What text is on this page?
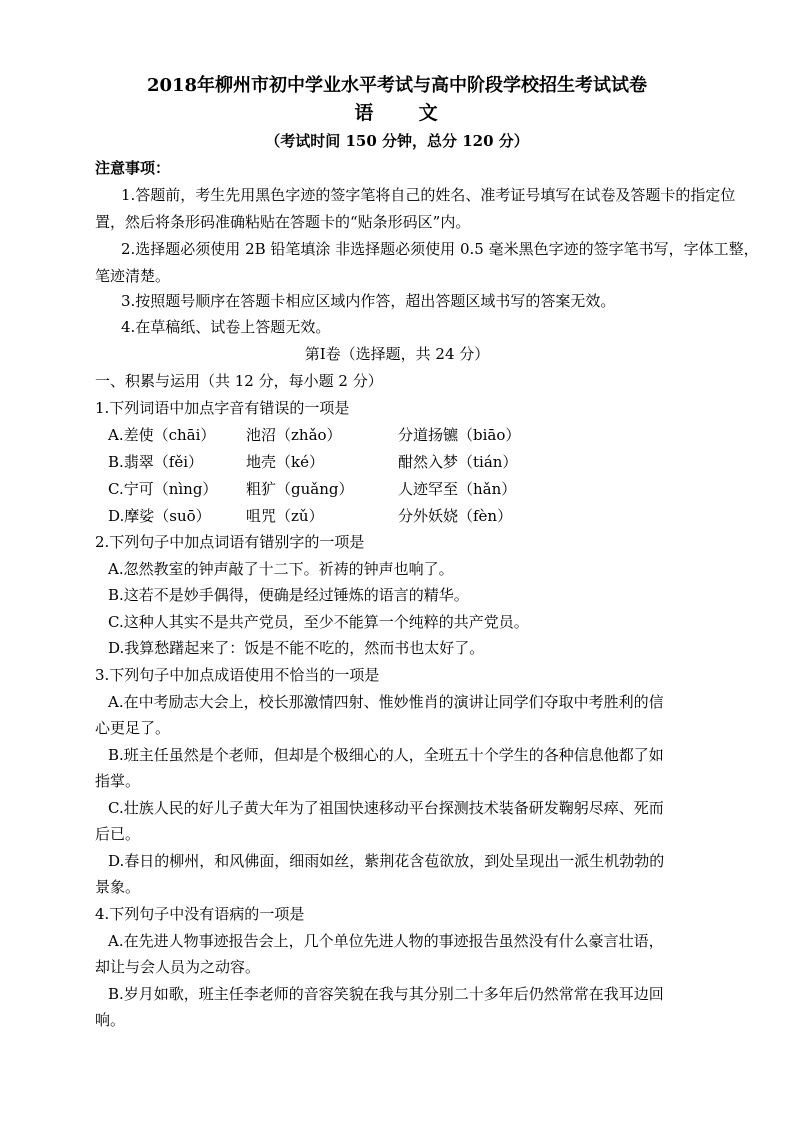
2018年柳州市初中学业水平考试与高中阶段学校招生考试试卷
语 文
（考试时间 150 分钟，总分 120 分）
注意事项：
1.答题前，考生先用黑色字迹的签字笔将自己的姓名、准考证号填写在试卷及答题卡的指定位
置，然后将条形码准确粘贴在答题卡的“贴条形码区”内。
2.选择题必须使用 2B 铅笔填涂 非选择题必须使用 0.5 毫米黑色字迹的签字笔书写，字体工整，
笔迹清楚。
3.按照题号顺序在答题卡相应区域内作答，超出答题区域书写的答案无效。
4.在草稿纸、试卷上答题无效。
第Ⅰ卷（选择题，共 24 分）
一、积累与运用（共 12 分，每小题 2 分）
1.下列词语中加点字音有错误的一项是
A.差使（chāi） 池沼（zhǎo）	分道扬镳（biāo）
B.翡翠（fěi）	地壳（ké）	酣然入梦（tián）
C.宁可（nìng） 粗犷（guǎng）	人迹罕至（hǎn）
D.摩娑（suō） 咀咒（zǔ）	分外妖娆（fèn）
2.下列句子中加点词语有错别字的一项是
A.忽然教室的钟声敲了十二下。祈祷的钟声也响了。
B.这若不是妙手偶得，便确是经过锤炼的语言的精华。
C.这种人其实不是共产党员，至少不能算一个纯粹的共产党员。
D.我算愁躇起来了：饭是不能不吃的，然而书也太好了。
3.下列句子中加点成语使用不恰当的一项是
A.在中考励志大会上，校长那激情四射、惟妙惟肖的演讲让同学们夺取中考胜利的信
心更足了。
B.班主任虽然是个老师，但却是个极细心的人，全班五十个学生的各种信息他都了如
指掌。
C.壮族人民的好儿子黄大年为了祖国快速移动平台探测技术装备研发鞠躬尽瘁、死而
后已。
D.春日的柳州，和风佛面，细雨如丝，紫荆花含苞欲放，到处呈现出一派生机勃勃的
景象。
4.下列句子中没有语病的一项是
A.在先进人物事迹报告会上，几个单位先进人物的事迹报告虽然没有什么豪言壮语，
却让与会人员为之动容。
B.岁月如歌，班主任李老师的音容笑貌在我与其分别二十多年后仍然常常在我耳边回
响。
